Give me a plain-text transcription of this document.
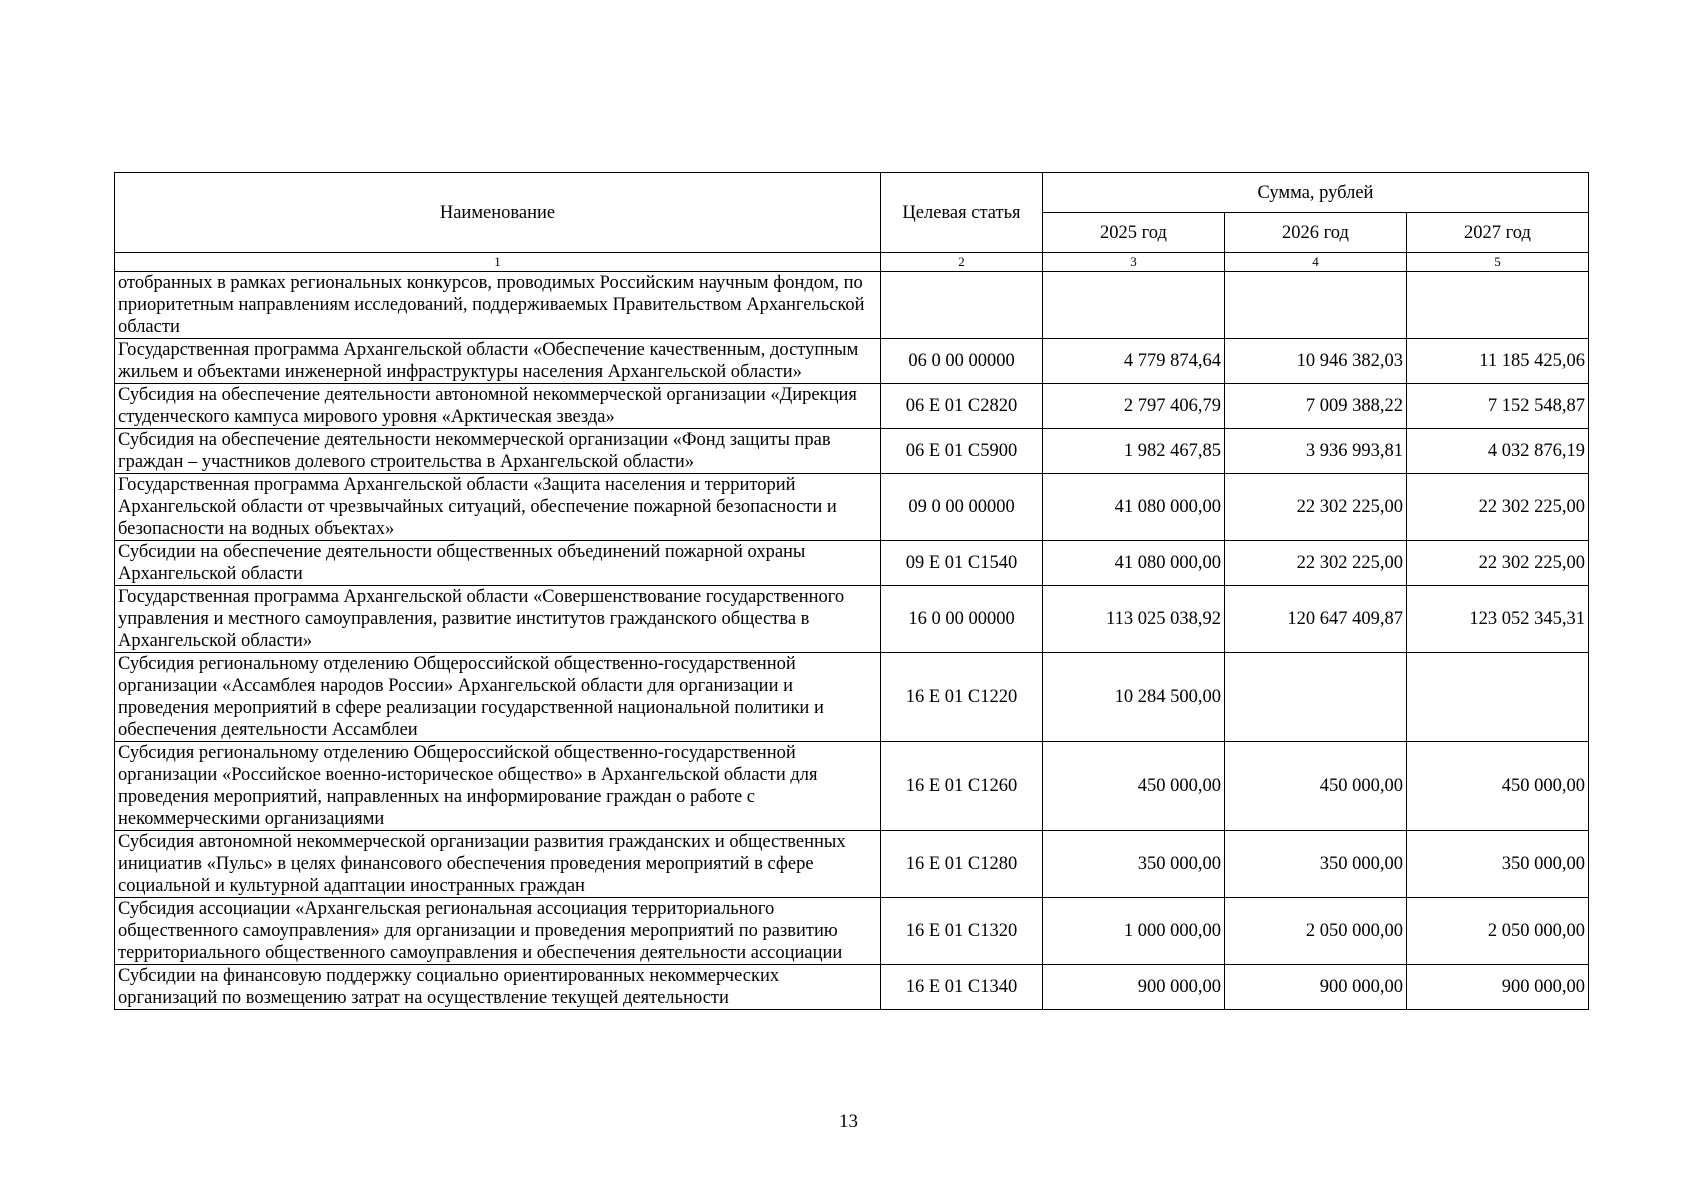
Наименование	Целевая статья	Сумма, рублей		
		2025 год	2026 год	2027 год
1	2	3	4	5
отобранных в рамках региональных конкурсов, проводимых Российским научным фондом, по приоритетным направлениям исследований, поддерживаемых Правительством Архангельской области				
Государственная программа Архангельской области «Обеспечение качественным, доступным жильем и объектами инженерной инфраструктуры населения Архангельской области»	06 0 00 00000	4 779 874,64	10 946 382,03	11 185 425,06
Субсидия на обеспечение деятельности автономной некоммерческой организации «Дирекция студенческого кампуса мирового уровня «Арктическая звезда»	06 Е 01 С2820	2 797 406,79	7 009 388,22	7 152 548,87
Субсидия на обеспечение деятельности некоммерческой организации «Фонд защиты прав граждан – участников долевого строительства в Архангельской области»	06 Е 01 С5900	1 982 467,85	3 936 993,81	4 032 876,19
Государственная программа Архангельской области «Защита населения и территорий Архангельской области от чрезвычайных ситуаций, обеспечение пожарной безопасности и безопасности на водных объектах»	09 0 00 00000	41 080 000,00	22 302 225,00	22 302 225,00
Субсидии на обеспечение деятельности общественных объединений пожарной охраны Архангельской области	09 Е 01 С1540	41 080 000,00	22 302 225,00	22 302 225,00
Государственная программа Архангельской области «Совершенствование государственного управления и местного самоуправления, развитие институтов гражданского общества в Архангельской области»	16 0 00 00000	113 025 038,92	120 647 409,87	123 052 345,31
Субсидия региональному отделению Общероссийской общественно-государственной организации «Ассамблея народов России» Архангельской области для организации и проведения мероприятий в сфере реализации государственной национальной политики и обеспечения деятельности Ассамблеи	16 Е 01 С1220	10 284 500,00		
Субсидия региональному отделению Общероссийской общественно-государственной организации «Российское военно-историческое общество» в Архангельской области для проведения мероприятий, направленных на информирование граждан о работе с некоммерческими организациями	16 Е 01 С1260	450 000,00	450 000,00	450 000,00
Субсидия автономной некоммерческой организации развития гражданских и общественных инициатив «Пульс» в целях финансового обеспечения проведения мероприятий в сфере социальной и культурной адаптации иностранных граждан	16 Е 01 С1280	350 000,00	350 000,00	350 000,00
Субсидия ассоциации «Архангельская региональная ассоциация территориального общественного самоуправления» для организации и проведения мероприятий по развитию территориального общественного самоуправления и обеспечения деятельности ассоциации	16 Е 01 С1320	1 000 000,00	2 050 000,00	2 050 000,00
Субсидии на финансовую поддержку социально ориентированных некоммерческих организаций по возмещению затрат на осуществление текущей деятельности	16 Е 01 С1340	900 000,00	900 000,00	900 000,00
13
